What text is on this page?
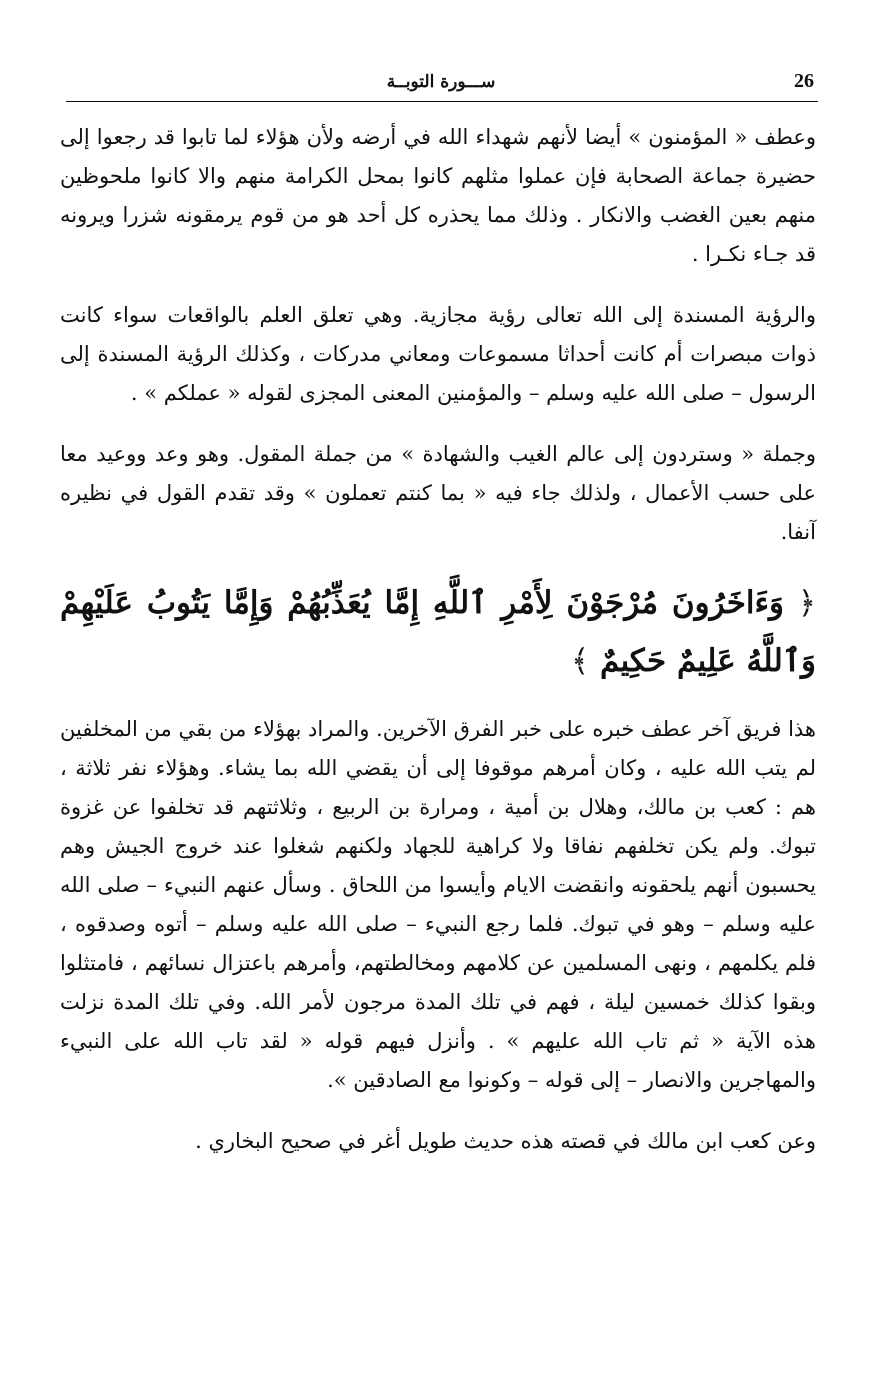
26
ســـورة التوبــة

وعطف « المؤمنون » أيضا لأنهم شهداء الله في أرضه ولأن هؤلاء لما تابوا قد رجعوا إلى حضيرة جماعة الصحابة فإن عملوا مثلهم كانوا بمحل الكرامة منهم والا كانوا ملحوظين منهم بعين الغضب والانكار . وذلك مما يحذره كل أحد هو من قوم يرمقونه شزرا ويرونه قد جـاء نكـرا .

والرؤية المسندة إلى الله تعالى رؤية مجازية. وهي تعلق العلم بالواقعات سواء كانت ذوات مبصرات أم كانت أحداثا مسموعات ومعاني مدركات ، وكذلك الرؤية المسندة إلى الرسول – صلى الله عليه وسلم – والمؤمنين المعنى المجزى لقوله « عملكم » .

وجملة « وستردون إلى عالم الغيب والشهادة » من جملة المقول. وهو وعد ووعيد معا على حسب الأعمال ، ولذلك جاء فيه « بما كنتم تعملون » وقد تقدم القول في نظيره آنفا.

﴿ وَءَاخَرُونَ مُرْجَوْنَ لِأَمْرِ ٱللَّهِ إِمَّا يُعَذِّبُهُمْ وَإِمَّا يَتُوبُ عَلَيْهِمْ وَٱللَّهُ عَلِيمٌ حَكِيمٌ ﴾

هذا فريق آخر عطف خبره على خبر الفرق الآخرين. والمراد بهؤلاء من بقي من المخلفين لم يتب الله عليه ، وكان أمرهم موقوفا إلى أن يقضي الله بما يشاء. وهؤلاء نفر ثلاثة ، هم : كعب بن مالك، وهلال بن أمية ، ومرارة بن الربيع ، وثلاثتهم قد تخلفوا عن غزوة تبوك. ولم يكن تخلفهم نفاقا ولا كراهية للجهاد ولكنهم شغلوا عند خروج الجيش وهم يحسبون أنهم يلحقونه وانقضت الايام وأيسوا من اللحاق . وسأل عنهم النبيء – صلى الله عليه وسلم – وهو في تبوك. فلما رجع النبيء – صلى الله عليه وسلم – أتوه وصدقوه ، فلم يكلمهم ، ونهى المسلمين عن كلامهم ومخالطتهم، وأمرهم باعتزال نسائهم ، فامتثلوا وبقوا كذلك خمسين ليلة ، فهم في تلك المدة مرجون لأمر الله. وفي تلك المدة نزلت هذه الآية « ثم تاب الله عليهم » . وأنزل فيهم قوله « لقد تاب الله على النبيء والمهاجرين والانصار – إلى قوله – وكونوا مع الصادقين ».

وعن كعب ابن مالك في قصته هذه حديث طويل أغر في صحيح البخاري .
